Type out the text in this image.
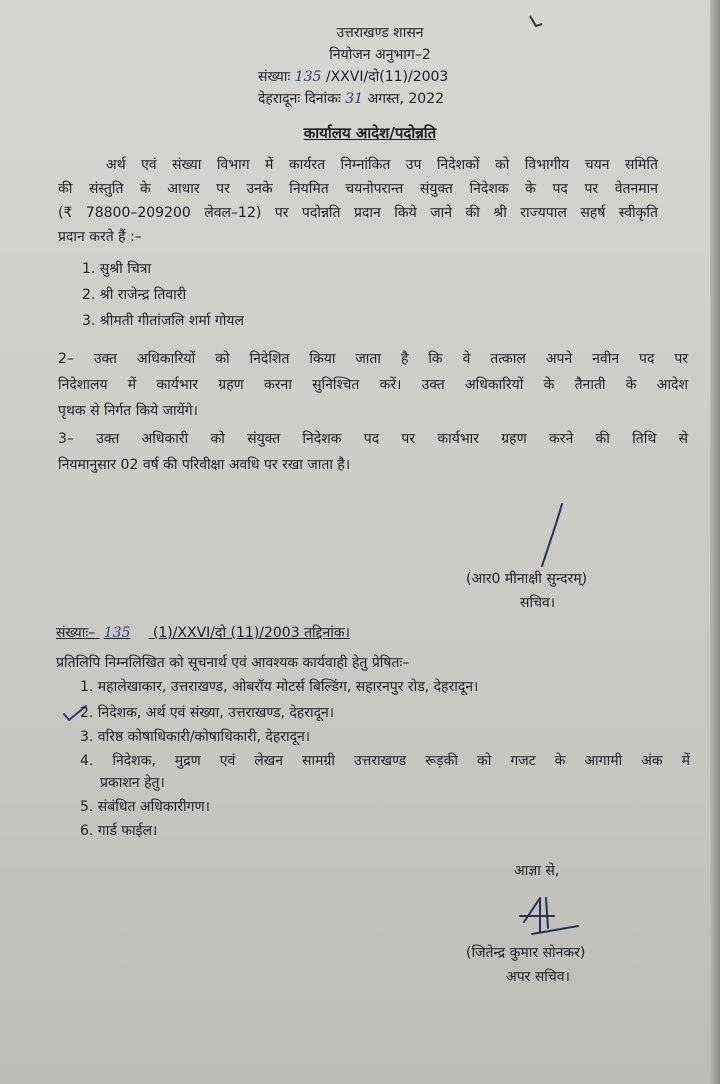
उत्तराखण्ड शासन
नियोजन अनुभाग–2
संख्याः 135 /XXVI/दो(11)/2003
देहरादूनः दिनांकः 31 अगस्त, 2022
कार्यालय आदेश/पदोन्नति
अर्थ एवं संख्या विभाग में कार्यरत निम्नांकित उप निदेशकों को विभागीय चयन समिति
की संस्तुति के आधार पर उनके नियमित चयनोपरान्त संयुक्त निदेशक के पद पर वेतनमान
(₹ 78800–209200 लेवल–12) पर पदोन्नति प्रदान किये जाने की श्री राज्यपाल सहर्ष स्वीकृति
प्रदान करते हैं :–
1. सुश्री चित्रा
2. श्री राजेन्द्र तिवारी
3. श्रीमती गीतांजलि शर्मा गोयल
2– उक्त अधिकारियों को निदेशित किया जाता है कि वे तत्काल अपने नवीन पद पर
निदेशालय में कार्यभार ग्रहण करना सुनिश्चित करें। उक्त अधिकारियों के तैनाती के आदेश
पृथक से निर्गत किये जायेंगे।
3– उक्त अधिकारी को संयुक्त निदेशक पद पर कार्यभार ग्रहण करने की तिथि से
नियमानुसार 02 वर्ष की परिवीक्षा अवधि पर रखा जाता है।
(आर0 मीनाक्षी सुन्दरम्)
सचिव।
संख्याः– 135 (1)/XXVI/दो (11)/2003 तद्दिनांक।
प्रतिलिपि निम्नलिखित को सूचनार्थ एवं आवश्यक कार्यवाही हेतु प्रेषितः–
1. महालेखाकार, उत्तराखण्ड, ओबरॉय मोटर्स बिल्डिंग, सहारनपुर रोड, देहरादून।
2. निदेशक, अर्थ एवं संख्या, उत्तराखण्ड, देहरादून।
3. वरिष्ठ कोषाधिकारी/कोषाधिकारी, देहरादून।
4. निदेशक, मुद्रण एवं लेखन सामग्री उत्तराखण्ड रूड़की को गजट के आगामी अंक में
प्रकाशन हेतु।
5. संबंधित अधिकारीगण।
6. गार्ड फाईल।
आज्ञा से,
(जितेन्द्र कुमार सोनकर)
अपर सचिव।
